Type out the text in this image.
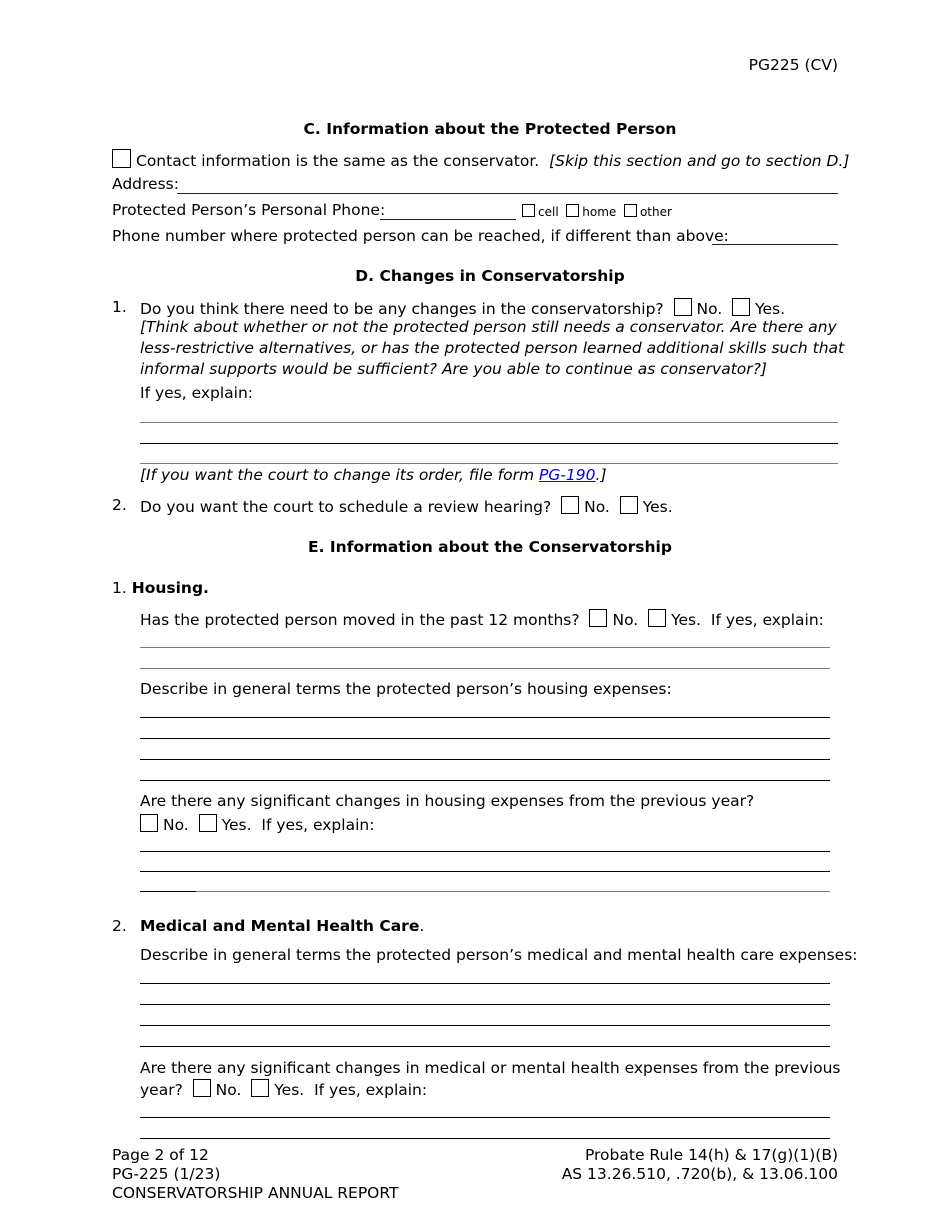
PG225 (CV)
C. Information about the Protected Person
Contact information is the same as the conservator. [Skip this section and go to section D.]
Address:
Protected Person’s Personal Phone:	cell home other
Phone number where protected person can be reached, if different than above:
D. Changes in Conservatorship
1. Do you think there need to be any changes in the conservatorship? No. Yes.
[Think about whether or not the protected person still needs a conservator. Are there any
less-restrictive alternatives, or has the protected person learned additional skills such that
informal supports would be sufficient? Are you able to continue as conservator?]
If yes, explain:
[If you want the court to change its order, file form PG-190.]
2. Do you want the court to schedule a review hearing? No. Yes.
E. Information about the Conservatorship
1. Housing.
Has the protected person moved in the past 12 months? No. Yes. If yes, explain:
Describe in general terms the protected person’s housing expenses:
Are there any significant changes in housing expenses from the previous year?
No. Yes. If yes, explain:
2. Medical and Mental Health Care.
Describe in general terms the protected person’s medical and mental health care expenses:
Are there any significant changes in medical or mental health expenses from the previous
year? No. Yes. If yes, explain:
Page 2 of 12
PG-225 (1/23)
CONSERVATORSHIP ANNUAL REPORT
Probate Rule 14(h) & 17(g)(1)(B)
AS 13.26.510, .720(b), & 13.06.100
